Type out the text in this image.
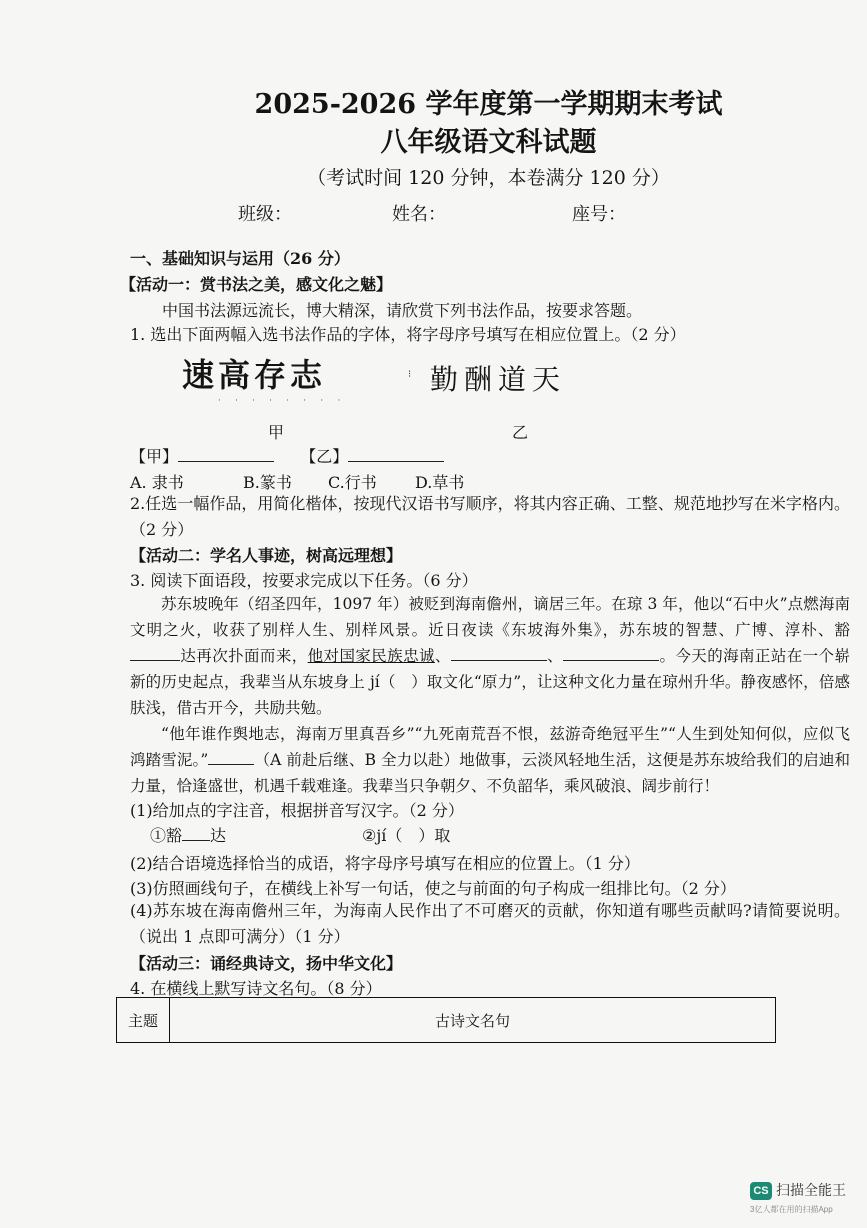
2025-2026 学年度第一学期期末考试
八年级语文科试题
（考试时间 120 分钟，本卷满分 120 分）
班级：	姓名：	座号：
一、基础知识与运用（26 分）
【活动一：赏书法之美，感文化之魅】
中国书法源远流长，博大精深，请欣赏下列书法作品，按要求答题。
1. 选出下面两幅入选书法作品的字体，将字母序号填写在相应位置上。（2 分）
速高存志
· · · · · · · ·
勤酬道天
⁝
甲	乙
【甲】	【乙】
A. 隶书	B.篆书 C.行书 D.草书
2.任选一幅作品，用简化楷体，按现代汉语书写顺序，将其内容正确、工整、规范地抄写在米字格内。（2 分）
【活动二：学名人事迹，树高远理想】
3. 阅读下面语段，按要求完成以下任务。（6 分）
苏东坡晚年（绍圣四年，1097 年）被贬到海南儋州，谪居三年。在琼 3 年，他以“石中火”点燃海南文明之火，收获了别样人生、别样风景。近日夜读《东坡海外集》，苏东坡的智慧、广博、淳朴、豁达再次扑面而来，他对国家民族忠诚、	、	。今天的海南正站在一个崭新的历史起点，我辈当从东坡身上 jí（　）取文化“原力”，让这种文化力量在琼州升华。静夜感怀，倍感肤浅，借古开今，共励共勉。
“他年谁作舆地志，海南万里真吾乡”“九死南荒吾不恨，兹游奇绝冠平生”“人生到处知何似，应似飞鸿踏雪泥。”	（A 前赴后继、B 全力以赴）地做事，云淡风轻地生活，这便是苏东坡给我们的启迪和力量，恰逢盛世，机遇千载难逢。我辈当只争朝夕、不负韶华，乘风破浪、阔步前行！
(1)给加点的字注音，根据拼音写汉字。（2 分）
①豁 达	②jí（　）取
(2)结合语境选择恰当的成语，将字母序号填写在相应的位置上。（1 分）
(3)仿照画线句子，在横线上补写一句话，使之与前面的句子构成一组排比句。（2 分）
(4)苏东坡在海南儋州三年，为海南人民作出了不可磨灭的贡献，你知道有哪些贡献吗?请简要说明。（说出 1 点即可满分）（1 分）
【活动三：诵经典诗文，扬中华文化】
4. 在横线上默写诗文名句。（8 分）
主题	古诗文名句
CS 扫描全能王
3亿人都在用的扫描App
